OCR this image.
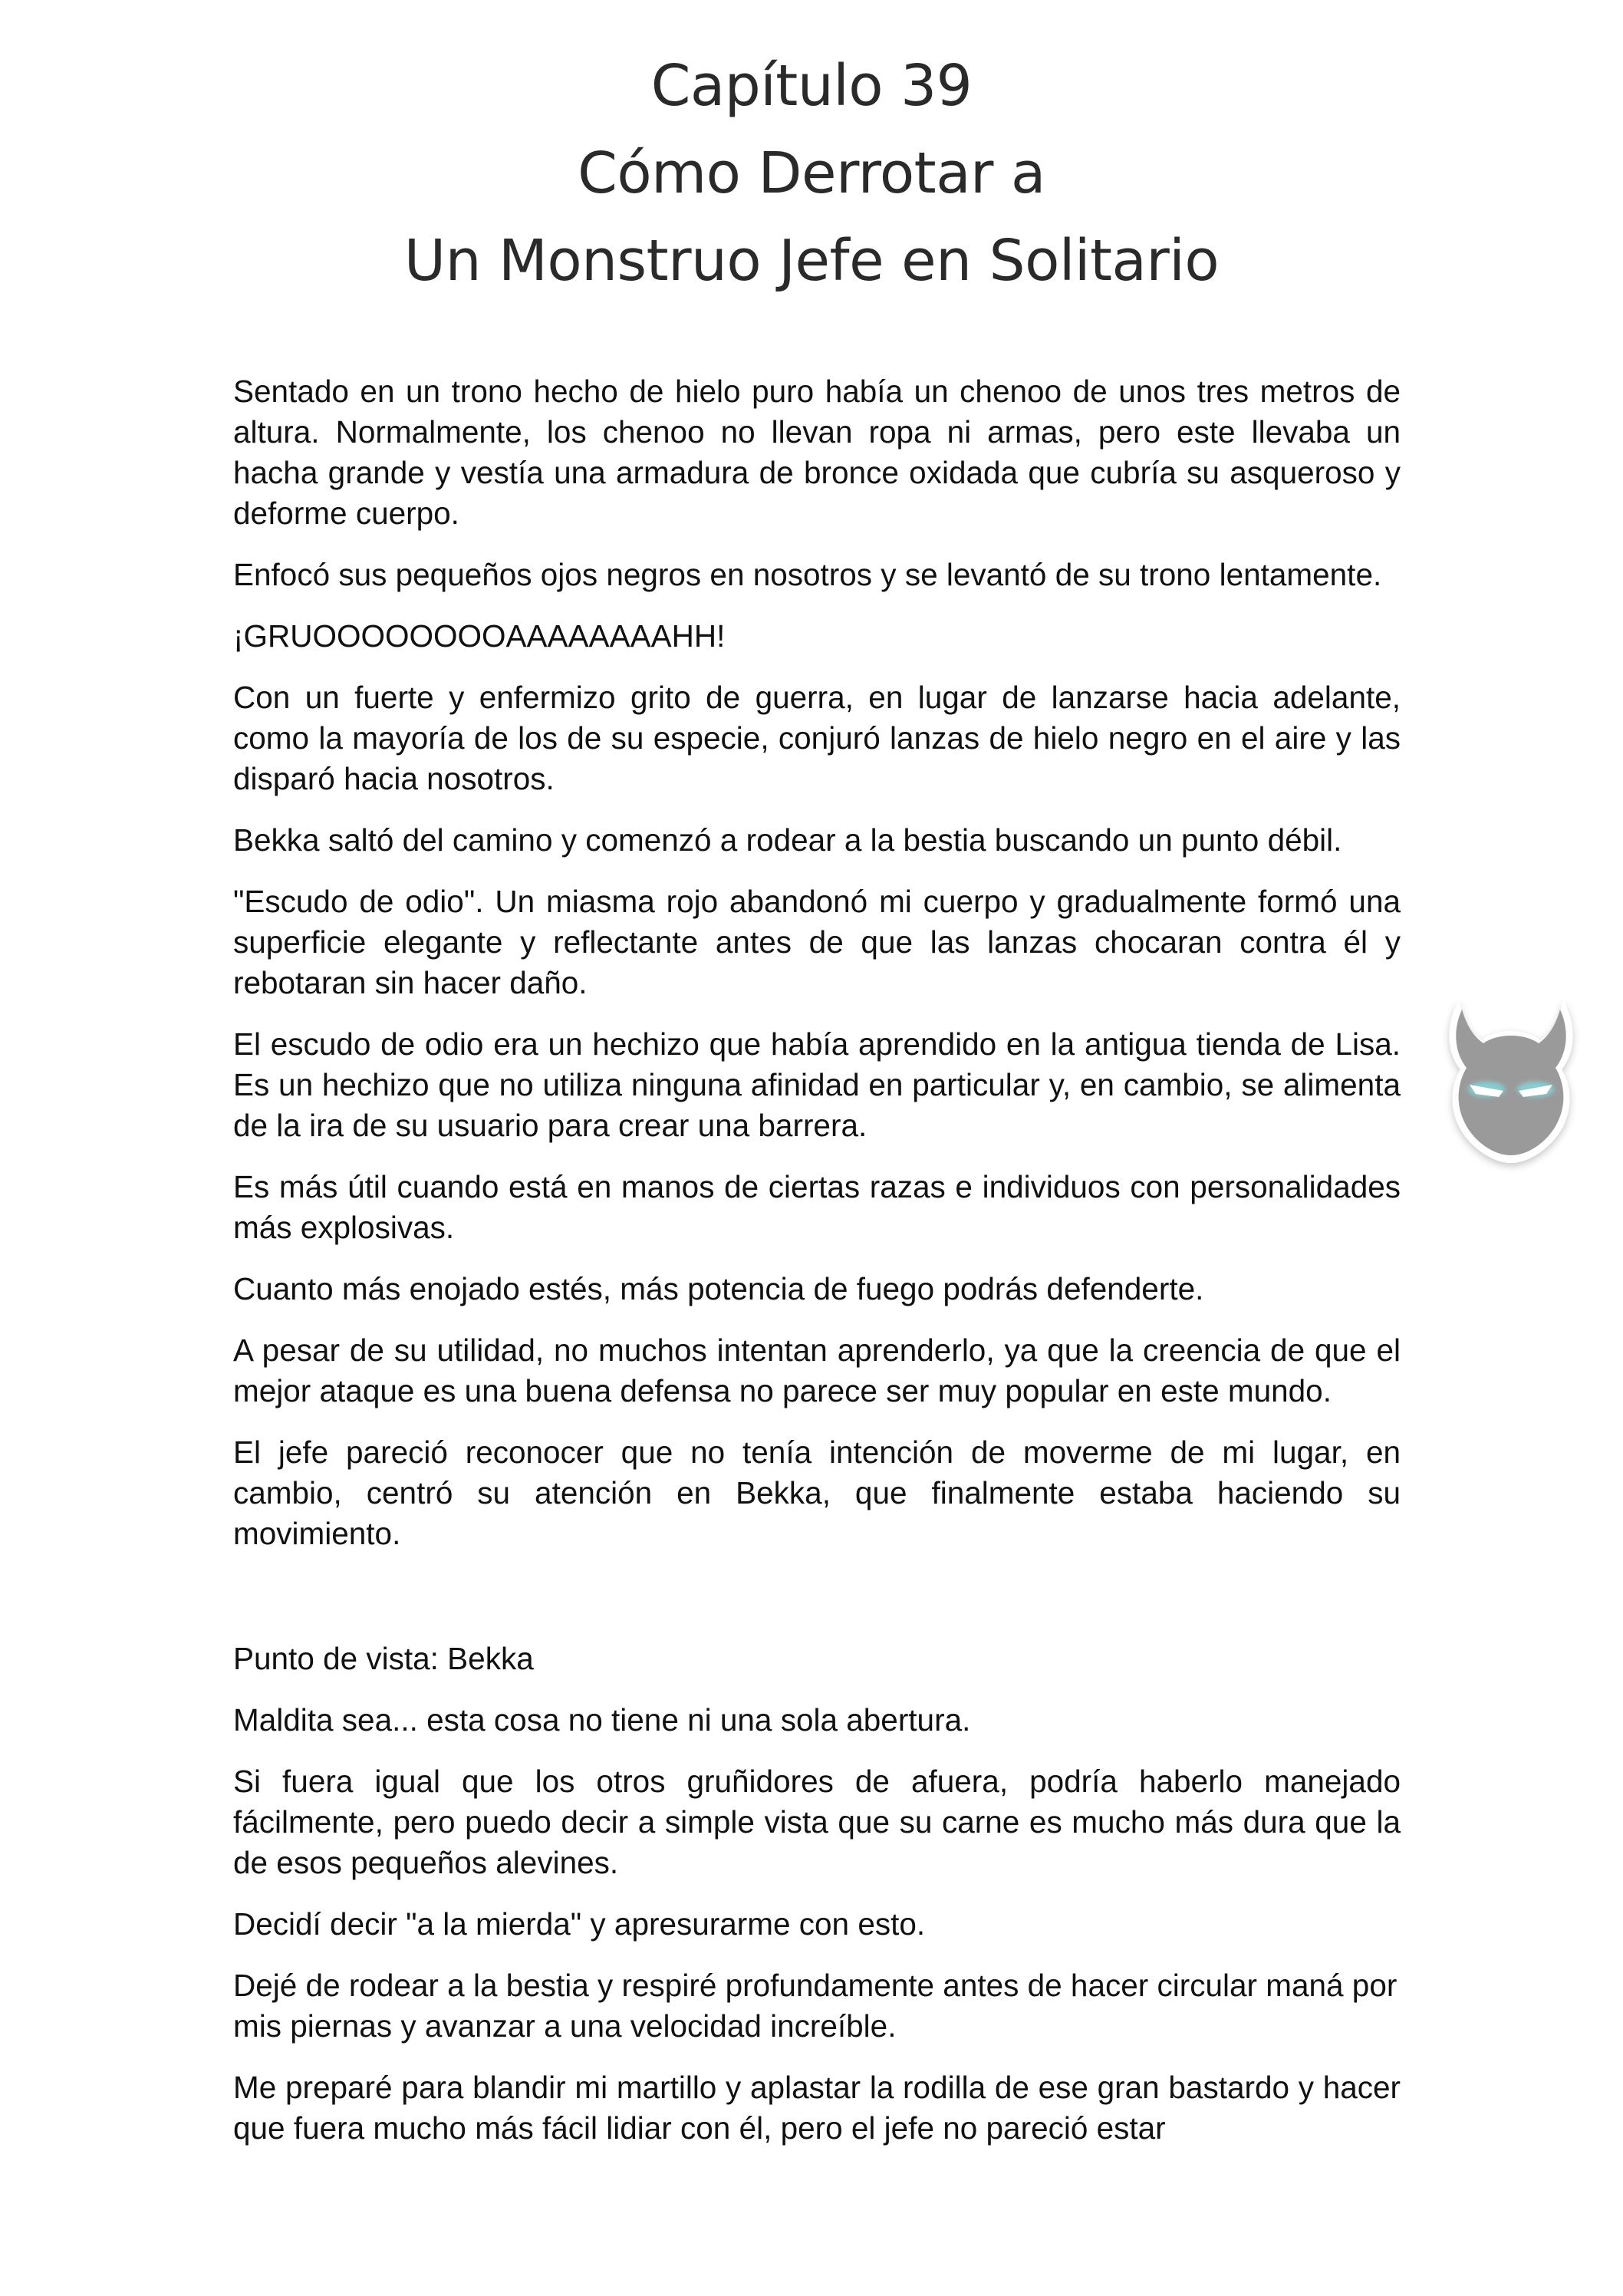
Capítulo 39
Cómo Derrotar a
Un Monstruo Jefe en Solitario

Sentado en un trono hecho de hielo puro había un chenoo de unos tres metros de altura. Normalmente, los chenoo no llevan ropa ni armas, pero este llevaba un hacha grande y vestía una armadura de bronce oxidada que cubría su asqueroso y deforme cuerpo.

Enfocó sus pequeños ojos negros en nosotros y se levantó de su trono lentamente.

¡GRUOOOOOOOOAAAAAAAAHH!

Con un fuerte y enfermizo grito de guerra, en lugar de lanzarse hacia adelante, como la mayoría de los de su especie, conjuró lanzas de hielo negro en el aire y las disparó hacia nosotros.

Bekka saltó del camino y comenzó a rodear a la bestia buscando un punto débil.

"Escudo de odio". Un miasma rojo abandonó mi cuerpo y gradualmente formó una superficie elegante y reflectante antes de que las lanzas chocaran contra él y rebotaran sin hacer daño.

El escudo de odio era un hechizo que había aprendido en la antigua tienda de Lisa. Es un hechizo que no utiliza ninguna afinidad en particular y, en cambio, se alimenta de la ira de su usuario para crear una barrera.

Es más útil cuando está en manos de ciertas razas e individuos con personalidades más explosivas.

Cuanto más enojado estés, más potencia de fuego podrás defenderte.

A pesar de su utilidad, no muchos intentan aprenderlo, ya que la creencia de que el mejor ataque es una buena defensa no parece ser muy popular en este mundo.

El jefe pareció reconocer que no tenía intención de moverme de mi lugar, en cambio, centró su atención en Bekka, que finalmente estaba haciendo su movimiento.

Punto de vista: Bekka

Maldita sea... esta cosa no tiene ni una sola abertura.

Si fuera igual que los otros gruñidores de afuera, podría haberlo manejado fácilmente, pero puedo decir a simple vista que su carne es mucho más dura que la de esos pequeños alevines.

Decidí decir "a la mierda" y apresurarme con esto.

Dejé de rodear a la bestia y respiré profundamente antes de hacer circular maná por mis piernas y avanzar a una velocidad increíble.

Me preparé para blandir mi martillo y aplastar la rodilla de ese gran bastardo y hacer que fuera mucho más fácil lidiar con él, pero el jefe no pareció estar
